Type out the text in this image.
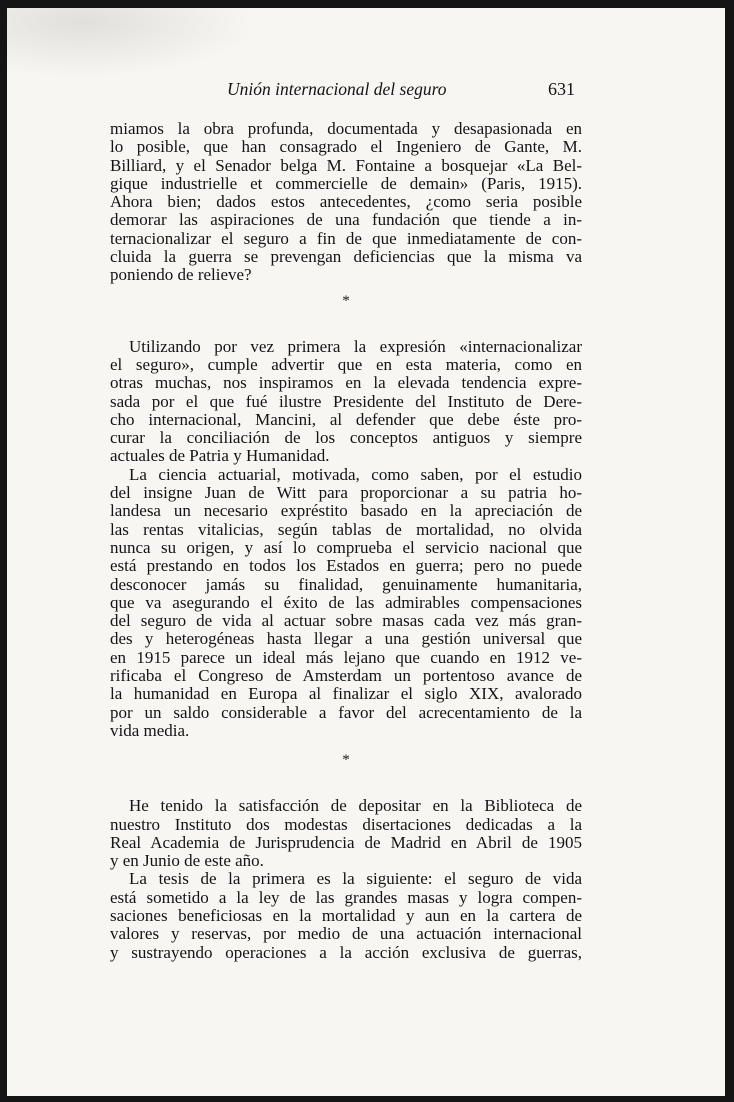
Unión internacional del seguro	631
miamos la obra profunda, documentada y desapasionada en
lo posible, que han consagrado el Ingeniero de Gante, M.
Billiard, y el Senador belga M. Fontaine a bosquejar «La Bel-
gique industrielle et commercielle de demain» (Paris, 1915).
Ahora bien; dados estos antecedentes, ¿como seria posible
demorar las aspiraciones de una fundación que tiende a in-
ternacionalizar el seguro a fin de que inmediatamente de con-
cluida la guerra se prevengan deficiencias que la misma va
poniendo de relieve?
*
Utilizando por vez primera la expresión «internacionalizar
el seguro», cumple advertir que en esta materia, como en
otras muchas, nos inspiramos en la elevada tendencia expre-
sada por el que fué ilustre Presidente del Instituto de Dere-
cho internacional, Mancini, al defender que debe éste pro-
curar la conciliación de los conceptos antiguos y siempre
actuales de Patria y Humanidad.
La ciencia actuarial, motivada, como saben, por el estudio
del insigne Juan de Witt para proporcionar a su patria ho-
landesa un necesario expréstito basado en la apreciación de
las rentas vitalicias, según tablas de mortalidad, no olvida
nunca su origen, y así lo comprueba el servicio nacional que
está prestando en todos los Estados en guerra; pero no puede
desconocer jamás su finalidad, genuinamente humanitaria,
que va asegurando el éxito de las admirables compensaciones
del seguro de vida al actuar sobre masas cada vez más gran-
des y heterogéneas hasta llegar a una gestión universal que
en 1915 parece un ideal más lejano que cuando en 1912 ve-
rificaba el Congreso de Amsterdam un portentoso avance de
la humanidad en Europa al finalizar el siglo XIX, avalorado
por un saldo considerable a favor del acrecentamiento de la
vida media.
*
He tenido la satisfacción de depositar en la Biblioteca de
nuestro Instituto dos modestas disertaciones dedicadas a la
Real Academia de Jurisprudencia de Madrid en Abril de 1905
y en Junio de este año.
La tesis de la primera es la siguiente: el seguro de vida
está sometido a la ley de las grandes masas y logra compen-
saciones beneficiosas en la mortalidad y aun en la cartera de
valores y reservas, por medio de una actuación internacional
y sustrayendo operaciones a la acción exclusiva de guerras,
